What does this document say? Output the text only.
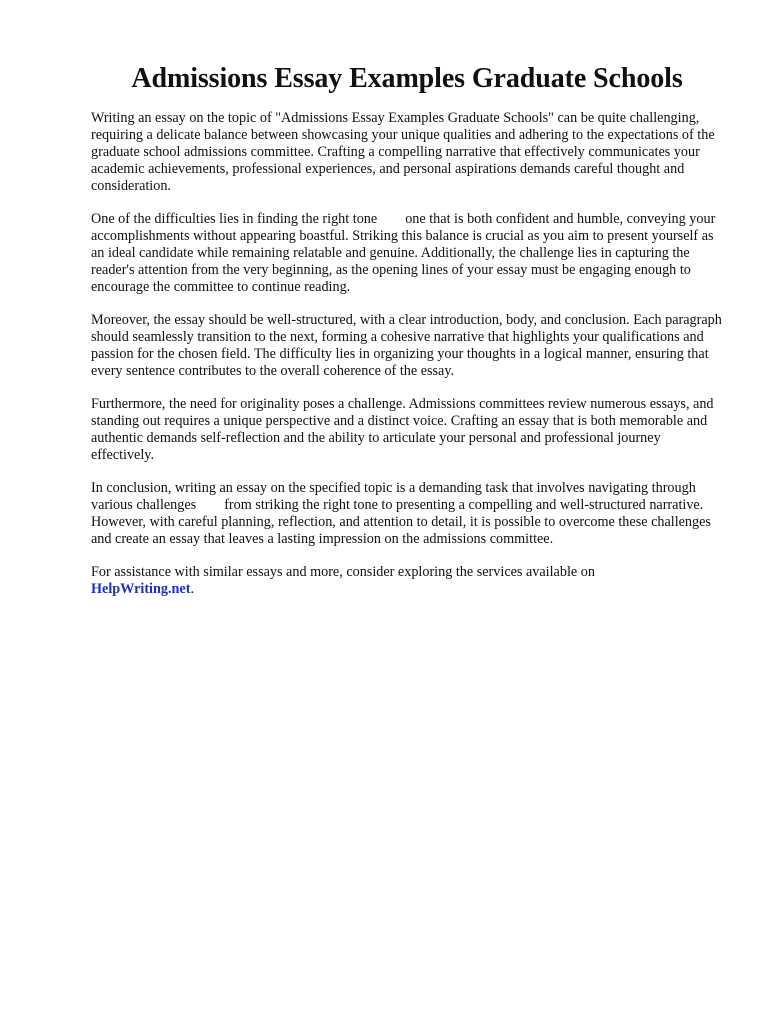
Admissions Essay Examples Graduate Schools

Writing an essay on the topic of "Admissions Essay Examples Graduate Schools" can be quite challenging, requiring a delicate balance between showcasing your unique qualities and adhering to the expectations of the graduate school admissions committee. Crafting a compelling narrative that effectively communicates your academic achievements, professional experiences, and personal aspirations demands careful thought and consideration.

One of the difficulties lies in finding the right tone one that is both confident and humble, conveying your accomplishments without appearing boastful. Striking this balance is crucial as you aim to present yourself as an ideal candidate while remaining relatable and genuine. Additionally, the challenge lies in capturing the reader's attention from the very beginning, as the opening lines of your essay must be engaging enough to encourage the committee to continue reading.

Moreover, the essay should be well-structured, with a clear introduction, body, and conclusion. Each paragraph should seamlessly transition to the next, forming a cohesive narrative that highlights your qualifications and passion for the chosen field. The difficulty lies in organizing your thoughts in a logical manner, ensuring that every sentence contributes to the overall coherence of the essay.

Furthermore, the need for originality poses a challenge. Admissions committees review numerous essays, and standing out requires a unique perspective and a distinct voice. Crafting an essay that is both memorable and authentic demands self-reflection and the ability to articulate your personal and professional journey effectively.

In conclusion, writing an essay on the specified topic is a demanding task that involves navigating through various challenges from striking the right tone to presenting a compelling and well-structured narrative. However, with careful planning, reflection, and attention to detail, it is possible to overcome these challenges and create an essay that leaves a lasting impression on the admissions committee.

For assistance with similar essays and more, consider exploring the services available on
HelpWriting.net.
